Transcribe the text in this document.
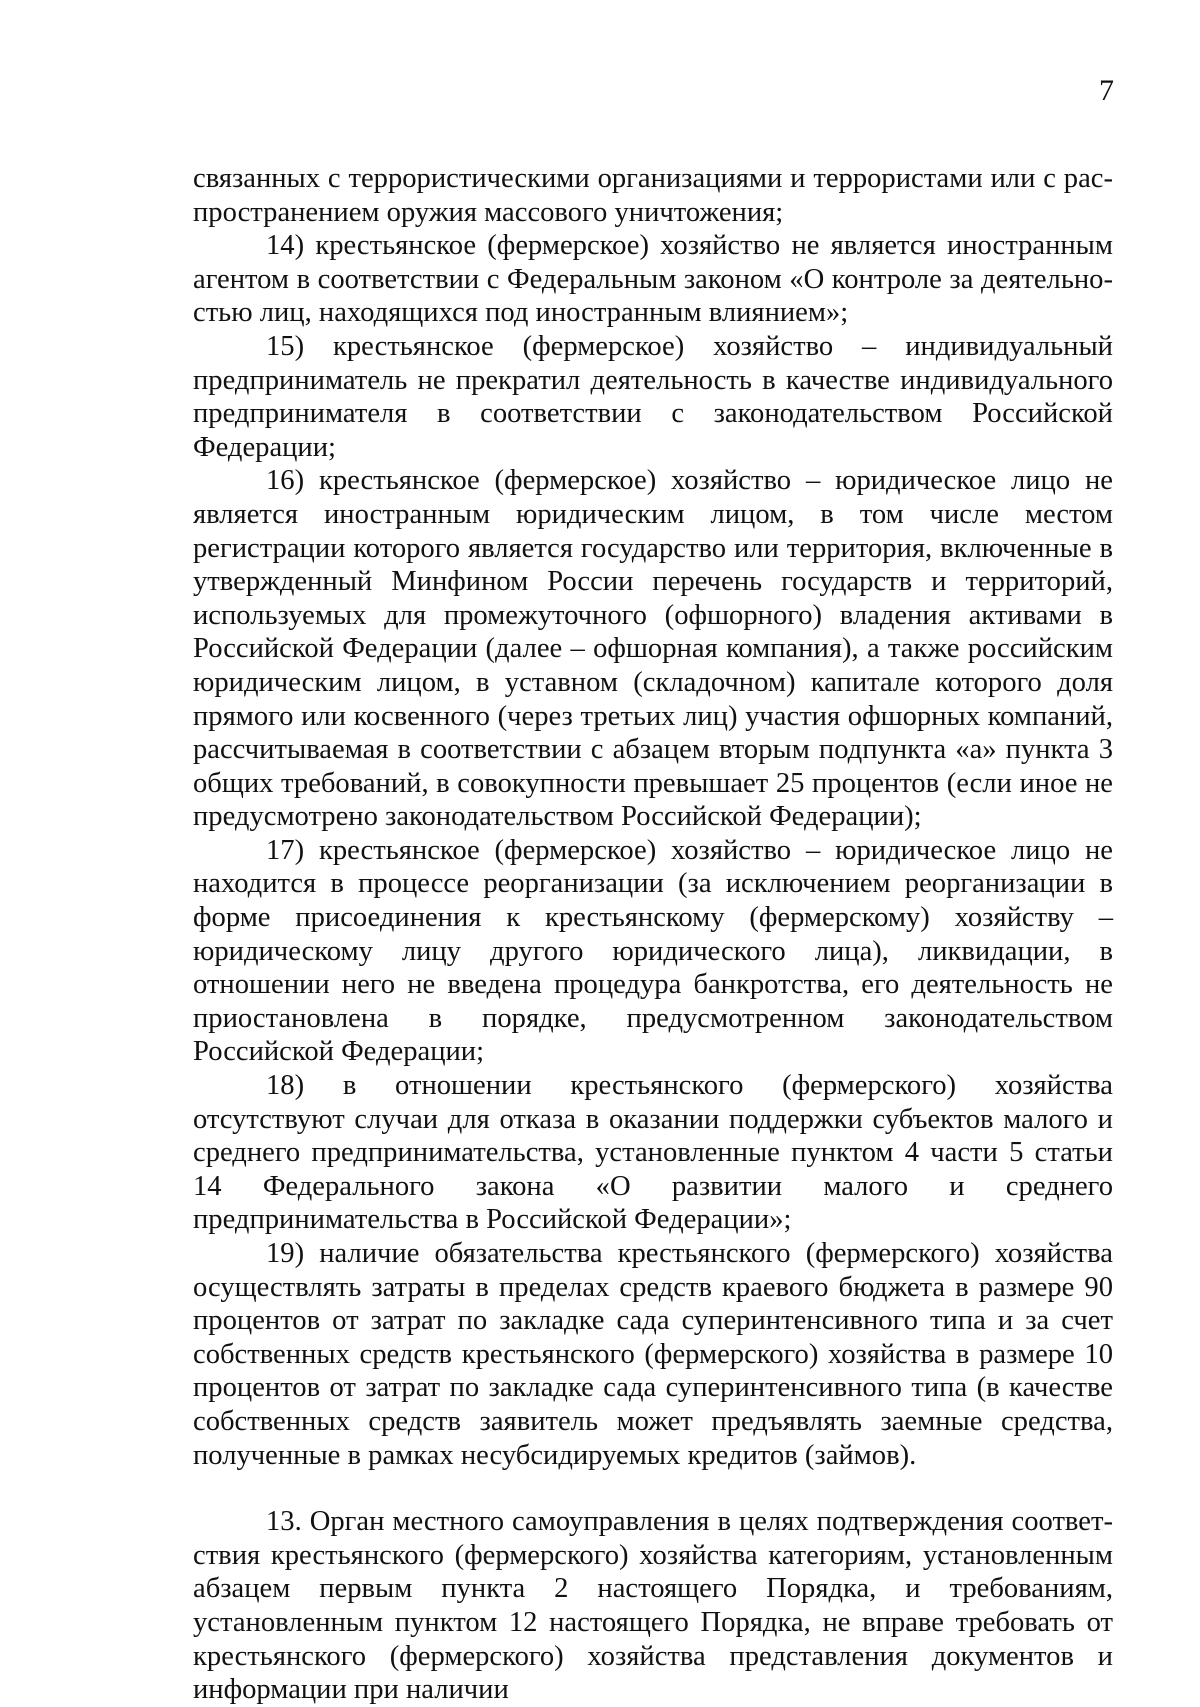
7

связанных с террористическими организациями и террористами или с распространением оружия массового уничтожения;

14) крестьянское (фермерское) хозяйство не является иностранным агентом в соответствии с Федеральным законом «О контроле за деятельностью лиц, находящихся под иностранным влиянием»;

15) крестьянское (фермерское) хозяйство – индивидуальный предприниматель не прекратил деятельность в качестве индивидуального предпринимателя в соответствии с законодательством Российской Федерации;

16) крестьянское (фермерское) хозяйство – юридическое лицо не является иностранным юридическим лицом, в том числе местом регистрации которого является государство или территория, включенные в утвержденный Минфином России перечень государств и территорий, используемых для промежуточного (офшорного) владения активами в Российской Федерации (далее – офшорная компания), а также российским юридическим лицом, в уставном (складочном) капитале которого доля прямого или косвенного (через третьих лиц) участия офшорных компаний, рассчитываемая в соответствии с абзацем вторым подпункта «а» пункта 3 общих требований, в совокупности превышает 25 процентов (если иное не предусмотрено законодательством Российской Федерации);

17) крестьянское (фермерское) хозяйство – юридическое лицо не находится в процессе реорганизации (за исключением реорганизации в форме присоединения к крестьянскому (фермерскому) хозяйству – юридическому лицу другого юридического лица), ликвидации, в отношении него не введена процедура банкротства, его деятельность не приостановлена в порядке, предусмотренном законодательством Российской Федерации;

18) в отношении крестьянского (фермерского) хозяйства отсутствуют случаи для отказа в оказании поддержки субъектов малого и среднего предпринимательства, установленные пунктом 4 части 5 статьи 14 Федерального закона «О развитии малого и среднего предпринимательства в Российской Федерации»;

19) наличие обязательства крестьянского (фермерского) хозяйства осуществлять затраты в пределах средств краевого бюджета в размере 90 процентов от затрат по закладке сада суперинтенсивного типа и за счет собственных средств крестьянского (фермерского) хозяйства в размере 10 процентов от затрат по закладке сада суперинтенсивного типа (в качестве собственных средств заявитель может предъявлять заемные средства, полученные в рамках несубсидируемых кредитов (займов).

13. Орган местного самоуправления в целях подтверждения соответствия крестьянского (фермерского) хозяйства категориям, установленным абзацем первым пункта 2 настоящего Порядка, и требованиям, установленным пунктом 12 настоящего Порядка, не вправе требовать от крестьянского (фермерского) хозяйства представления документов и информации при наличии
